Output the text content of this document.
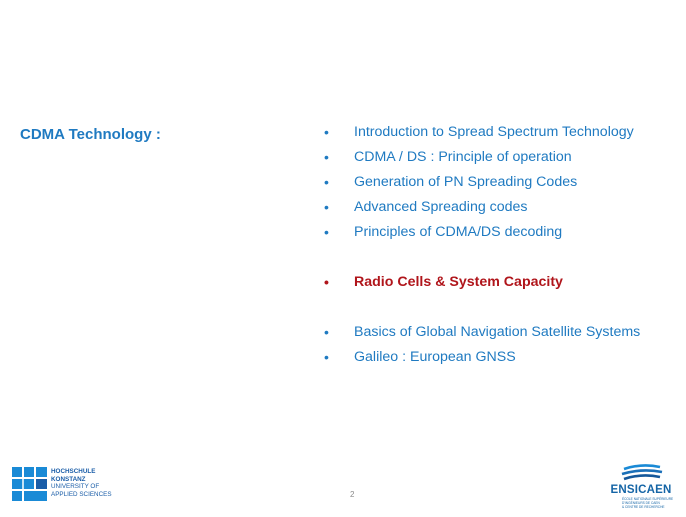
CDMA Technology :	• Introduction to Spread Spectrum Technology
• CDMA / DS : Principle of operation
• Generation of PN Spreading Codes
• Advanced Spreading codes
• Principles of CDMA/DS decoding
• Radio Cells & System Capacity
• Basics of Global Navigation Satellite Systems
• Galileo : European GNSS
2
HOCHSCHULE
KONSTANZ
UNIVERSITY OF
APPLIED SCIENCES	ENSICAEN
ÉCOLE NATIONALE SUPÉRIEURE D'INGÉNIEURS DE CAEN
& CENTRE DE RECHERCHE
